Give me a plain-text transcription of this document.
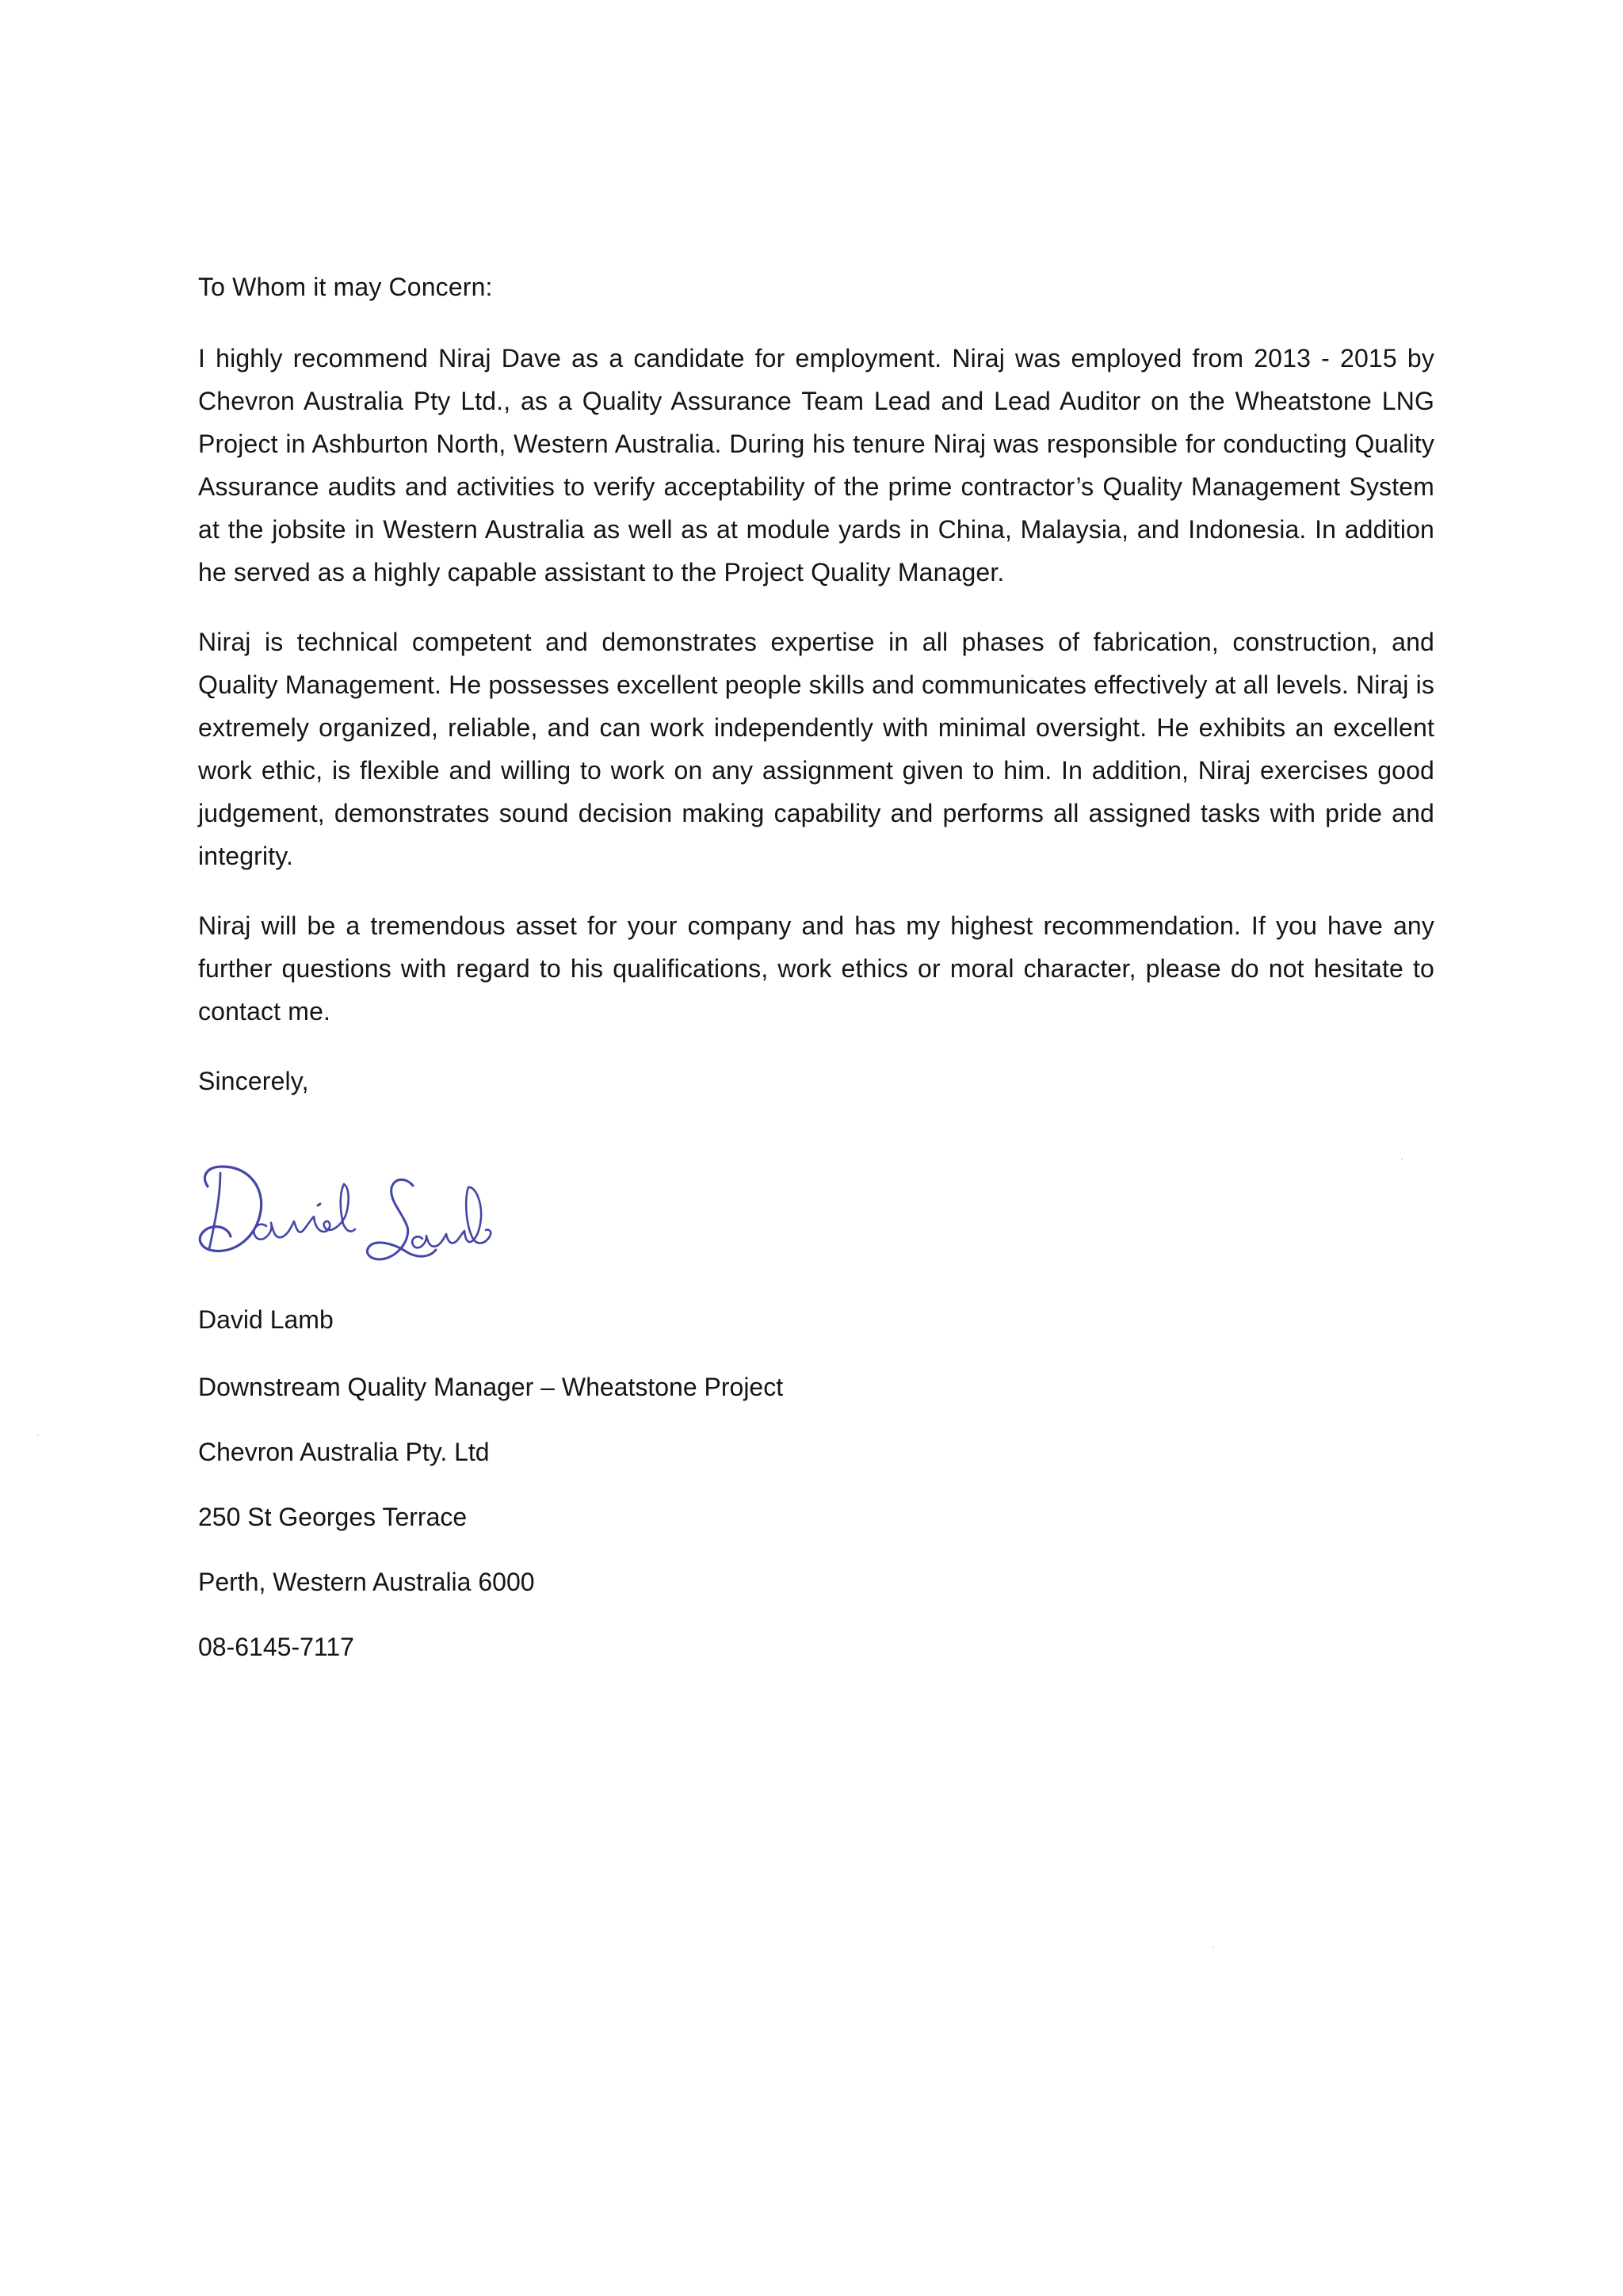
To Whom it may Concern:

I highly recommend Niraj Dave as a candidate for employment. Niraj was employed from 2013 - 2015 by Chevron Australia Pty Ltd., as a Quality Assurance Team Lead and Lead Auditor on the Wheatstone LNG Project in Ashburton North, Western Australia. During his tenure Niraj was responsible for conducting Quality Assurance audits and activities to verify acceptability of the prime contractor’s Quality Management System at the jobsite in Western Australia as well as at module yards in China, Malaysia, and Indonesia. In addition he served as a highly capable assistant to the Project Quality Manager.

Niraj is technical competent and demonstrates expertise in all phases of fabrication, construction, and Quality Management. He possesses excellent people skills and communicates effectively at all levels. Niraj is extremely organized, reliable, and can work independently with minimal oversight. He exhibits an excellent work ethic, is flexible and willing to work on any assignment given to him. In addition, Niraj exercises good judgement, demonstrates sound decision making capability and performs all assigned tasks with pride and integrity.

Niraj will be a tremendous asset for your company and has my highest recommendation. If you have any further questions with regard to his qualifications, work ethics or moral character, please do not hesitate to contact me.

Sincerely,

David Lamb
Downstream Quality Manager – Wheatstone Project
Chevron Australia Pty. Ltd
250 St Georges Terrace
Perth, Western Australia 6000
08-6145-7117
